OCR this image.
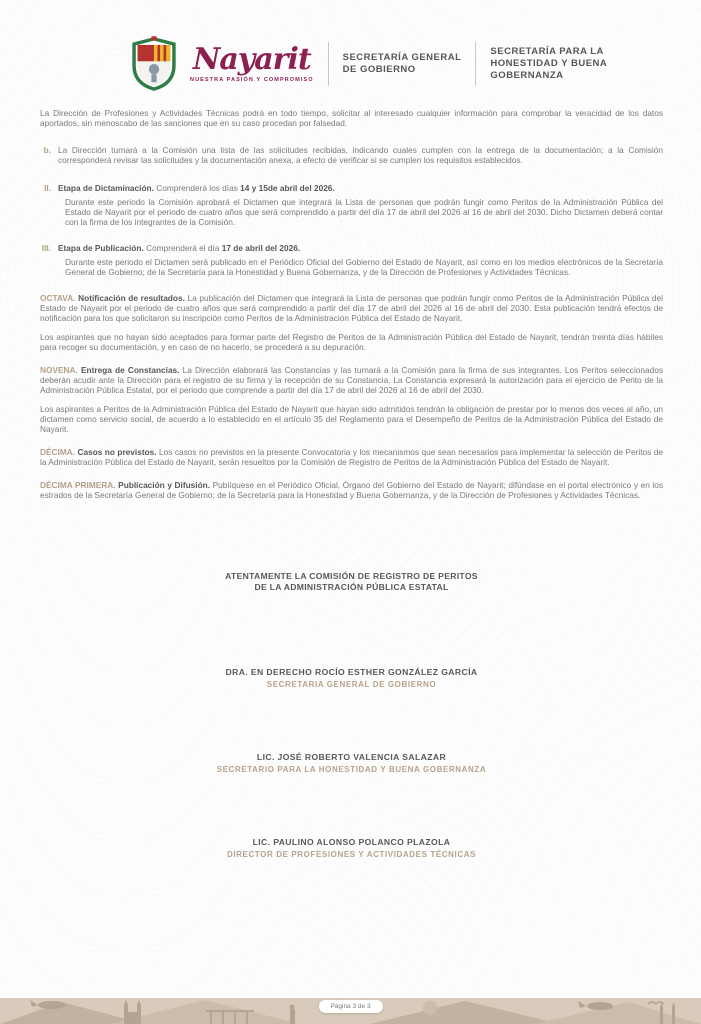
Nayarit
NUESTRA PASIÓN Y COMPROMISO
SECRETARÍA GENERAL
DE GOBIERNO
SECRETARÍA PARA LA
HONESTIDAD Y BUENA
GOBERNANZA

La Dirección de Profesiones y Actividades Técnicas podrá en todo tiempo, solicitar al interesado cualquier información para comprobar la veracidad de los datos aportados, sin menoscabo de las sanciones que en su caso procedan por falsedad.

b. La Dirección turnará a la Comisión una lista de las solicitudes recibidas, indicando cuales cumplen con la entrega de la documentación; a la Comisión corresponderá revisar las solicitudes y la documentación anexa, a efecto de verificar si se cumplen los requisitos establecidos.
II. Etapa de Dictaminación. Comprenderá los días 14 y 15de abril del 2026.

Durante este periodo la Comisión aprobará el Dictamen que integrará la Lista de personas que podrán fungir como Peritos de la Administración Pública del Estado de Nayarit por el periodo de cuatro años que será comprendido a partir del día 17 de abril del 2026 al 16 de abril del 2030. Dicho Dictamen deberá contar con la firma de los integrantes de la Comisión.

III. Etapa de Publicación. Comprenderá el día 17 de abril del 2026.

Durante este periodo el Dictamen será publicado en el Periódico Oficial del Gobierno del Estado de Nayarit, así como en los medios electrónicos de la Secretaría General de Gobierno; de la Secretaría para la Honestidad y Buena Gobernanza, y de la Dirección de Profesiones y Actividades Técnicas.

OCTAVA. Notificación de resultados. La publicación del Dictamen que integrará la Lista de personas que podrán fungir como Peritos de la Administración Pública del Estado de Nayarit por el periodo de cuatro años que será comprendido a partir del día 17 de abril del 2026 al 16 de abril del 2030. Esta publicación tendrá efectos de notificación para los que solicitaron su inscripción como Peritos de la Administración Pública del Estado de Nayarit.
Los aspirantes que no hayan sido aceptados para formar parte del Registro de Peritos de la Administración Pública del Estado de Nayarit, tendrán treinta días hábiles para recoger su documentación, y en caso de no hacerlo, se procederá a su depuración.
NOVENA. Entrega de Constancias. La Dirección elaborará las Constancias y las turnará a la Comisión para la firma de sus integrantes. Los Peritos seleccionados deberán acudir ante la Dirección para el registro de su firma y la recepción de su Constancia. La Constancia expresará la autorización para el ejercicio de Perito de la Administración Pública Estatal, por el periodo que comprende a partir del día 17 de abril del 2026 al 16 de abril del 2030.
Los aspirantes a Peritos de la Administración Pública del Estado de Nayarit que hayan sido admitidos tendrán la obligación de prestar por lo menos dos veces al año, un dictamen como servicio social, de acuerdo a lo establecido en el artículo 35 del Reglamento para el Desempeño de Peritos de la Administración Pública del Estado de Nayarit.
DÉCIMA. Casos no previstos. Los casos no previstos en la presente Convocatoria y los mecanismos que sean necesarios para implementar la selección de Peritos de la Administración Pública del Estado de Nayarit, serán resueltos por la Comisión de Registro de Peritos de la Administración Pública del Estado de Nayarit.
DÉCIMA PRIMERA. Publicación y Difusión. Publíquese en el Periódico Oficial, Órgano del Gobierno del Estado de Nayarit; difúndase en el portal electrónico y en los estrados de la Secretaría General de Gobierno; de la Secretaría para la Honestidad y Buena Gobernanza, y de la Dirección de Profesiones y Actividades Técnicas.
ATENTAMENTE LA COMISIÓN DE REGISTRO DE PERITOS
DE LA ADMINISTRACIÓN PÚBLICA ESTATAL
DRA. EN DERECHO ROCÍO ESTHER GONZÁLEZ GARCÍA
SECRETARIA GENERAL DE GOBIERNO
LIC. JOSÉ ROBERTO VALENCIA SALAZAR
SECRETARIO PARA LA HONESTIDAD Y BUENA GOBERNANZA
LIC. PAULINO ALONSO POLANCO PLAZOLA
DIRECTOR DE PROFESIONES Y ACTIVIDADES TÉCNICAS
Página 3 de 3
